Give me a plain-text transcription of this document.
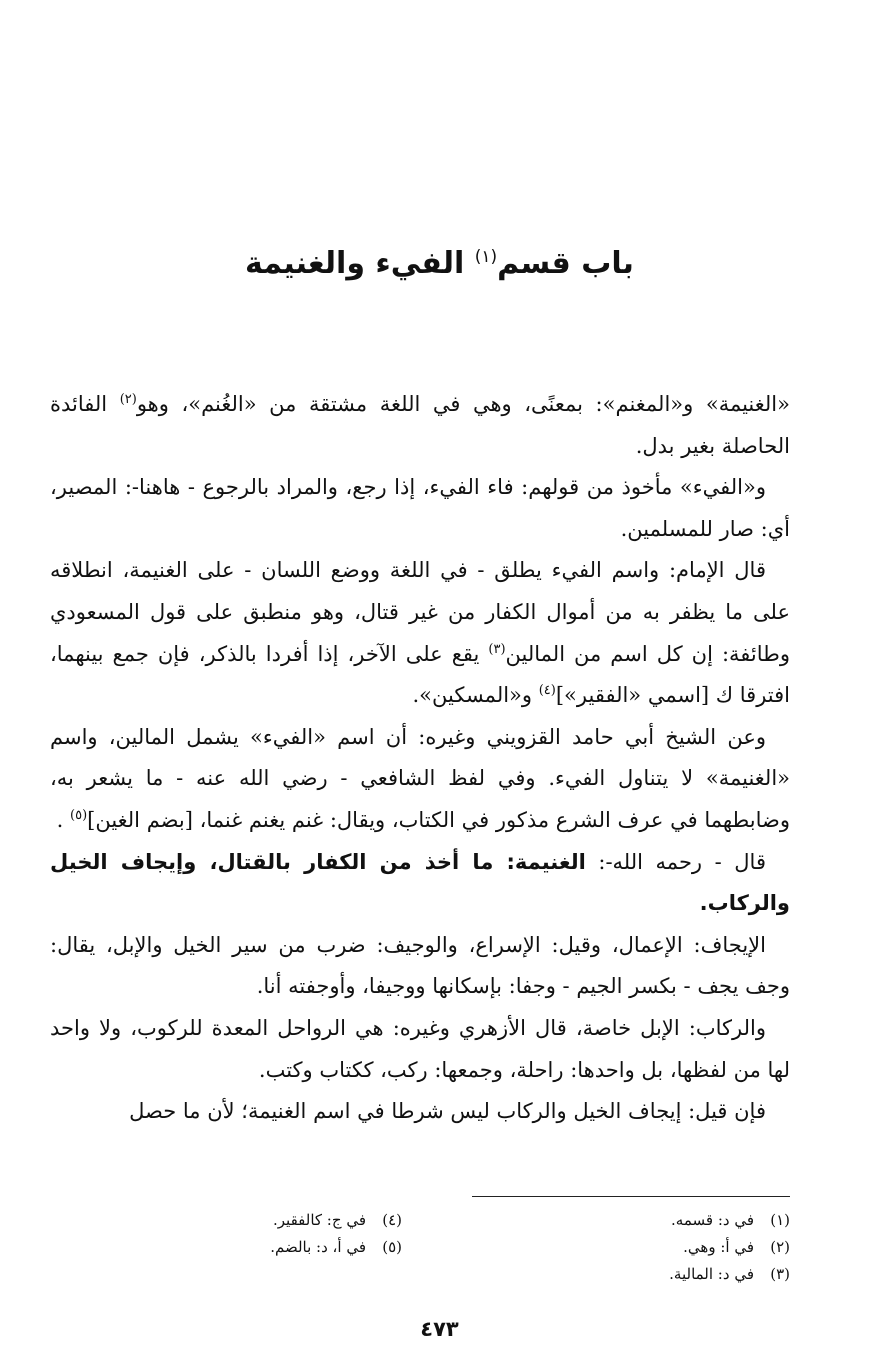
باب قسم$^{(١)}$ الفيء والغنيمة

«الغنيمة» و«المغنم»: بمعنًى، وهي في اللغة مشتقة من «الغُنم»، وهو$^{(٢)}$ الفائدة الحاصلة بغير بدل.

و«الفيء» مأخوذ من قولهم: فاء الفيء، إذا رجع، والمراد بالرجوع - هاهنا-: المصير، أي: صار للمسلمين.

قال الإمام: واسم الفيء يطلق - في اللغة ووضع اللسان - على الغنيمة، انطلاقه على ما يظفر به من أموال الكفار من غير قتال، وهو منطبق على قول المسعودي وطائفة: إن كل اسم من المالين$^{(٣)}$ يقع على الآخر، إذا أفردا بالذكر، فإن جمع بينهما، افترقا ك [اسمي «الفقير»]$^{(٤)}$ و«المسكين».

وعن الشيخ أبي حامد القزويني وغيره: أن اسم «الفيء» يشمل المالين، واسم «الغنيمة» لا يتناول الفيء. وفي لفظ الشافعي - رضي الله عنه - ما يشعر به، وضابطهما في عرف الشرع مذكور في الكتاب، ويقال: غنم يغنم غنما، [بضم الغين]$^{(٥)}$ .

قال - رحمه الله-: الغنيمة: ما أخذ من الكفار بالقتال، وإيجاف الخيل والركاب.

الإيجاف: الإعمال، وقيل: الإسراع، والوجيف: ضرب من سير الخيل والإبل، يقال: وجف يجف - بكسر الجيم - وجفا: بإسكانها ووجيفا، وأوجفته أنا.

والركاب: الإبل خاصة، قال الأزهري وغيره: هي الرواحل المعدة للركوب، ولا واحد لها من لفظها، بل واحدها: راحلة، وجمعها: ركب، ككتاب وكتب.

فإن قيل: إيجاف الخيل والركاب ليس شرطا في اسم الغنيمة؛ لأن ما حصل

(١)في د: قسمه.
(٢)في أ: وهي.
(٣)في د: المالية.
(٤)في ج: كالفقير.
(٥)في أ، د: بالضم.
٤٧٣
